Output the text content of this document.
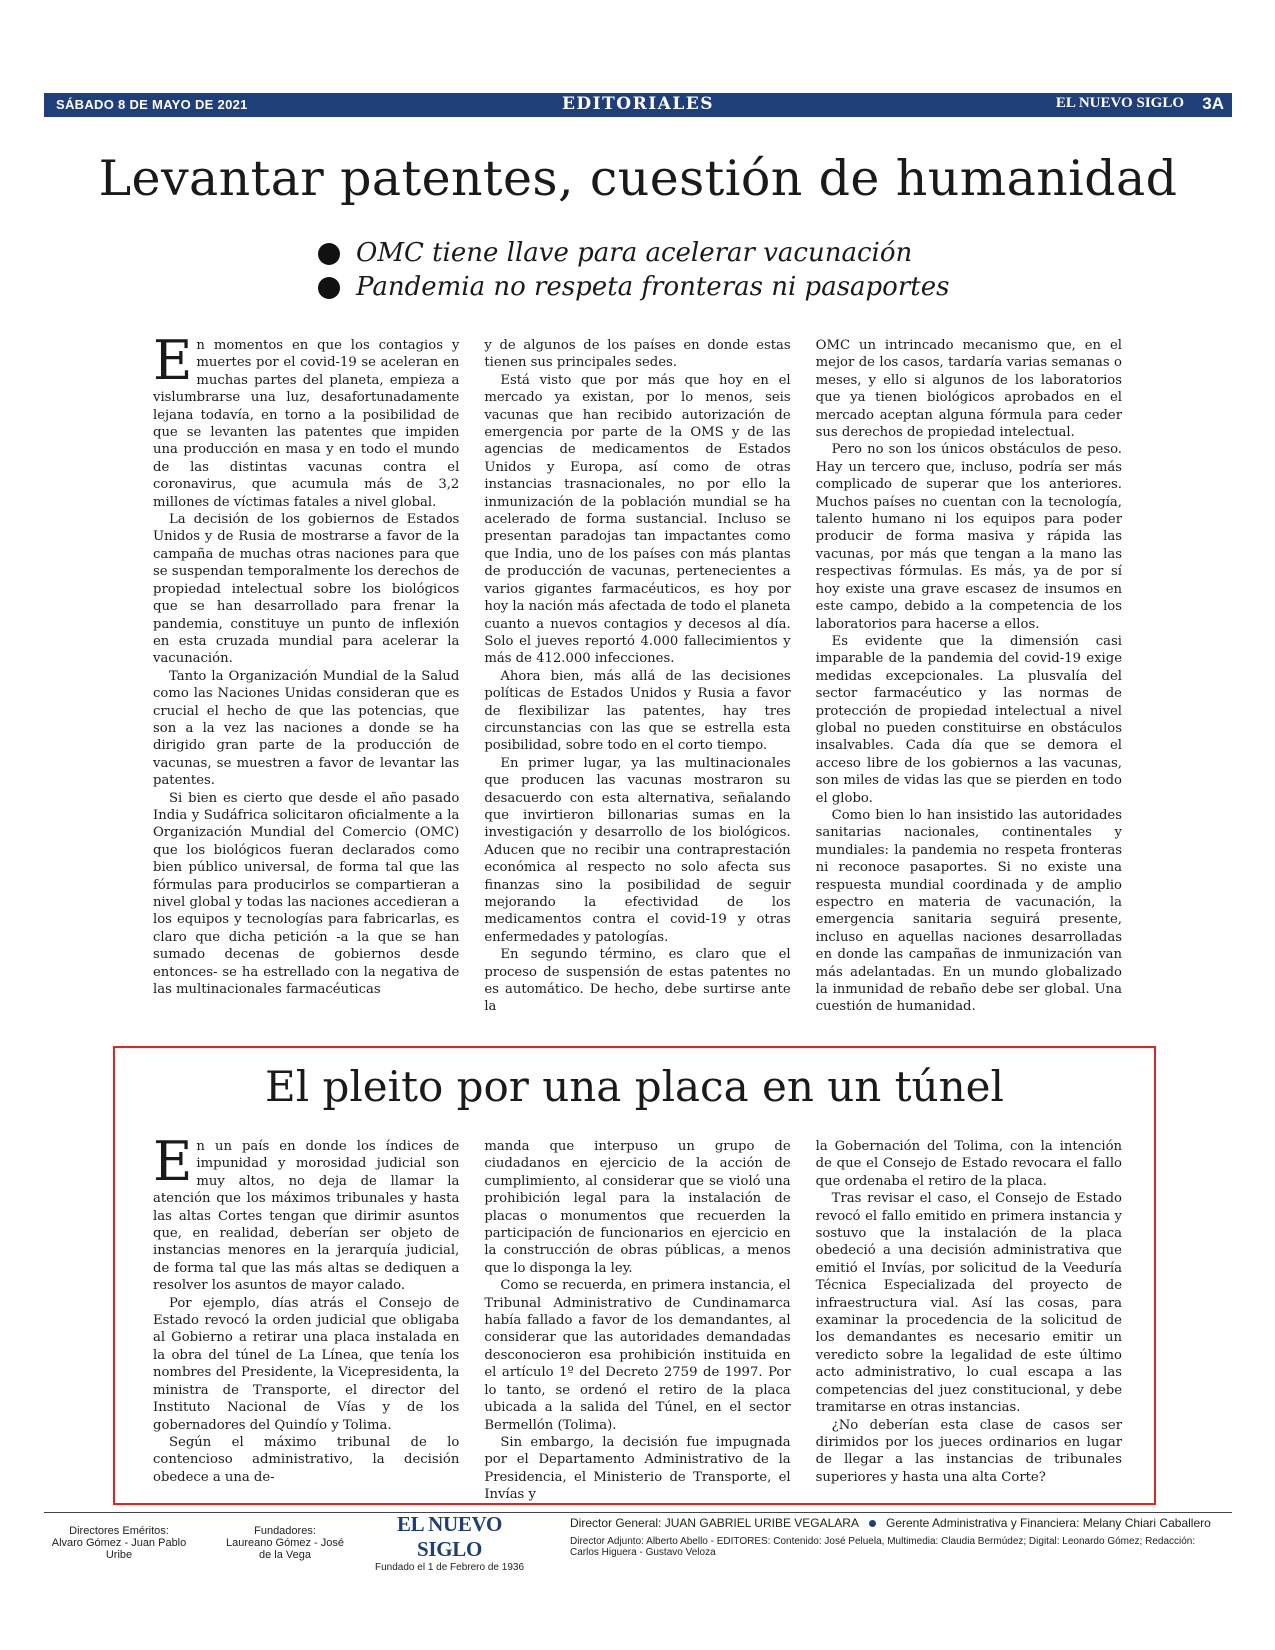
SÁBADO 8 DE MAYO DE 2021	EDITORIALES	EL NUEVO SIGLO 3A
Levantar patentes, cuestión de humanidad
OMC tiene llave para acelerar vacunación
Pandemia no respeta fronteras ni pasaportes

En momentos en que los contagios y muertes por el covid-19 se aceleran en muchas partes del planeta, empieza a vislumbrarse una luz, desafortunadamente lejana todavía, en torno a la posibilidad de que se levanten las patentes que impiden una producción en masa y en todo el mundo de las distintas vacunas contra el coronavirus, que acumula más de 3,2 millones de víctimas fatales a nivel global.

La decisión de los gobiernos de Estados Unidos y de Rusia de mostrarse a favor de la campaña de muchas otras naciones para que se suspendan temporalmente los derechos de propiedad intelectual sobre los biológicos que se han desarrollado para frenar la pandemia, constituye un punto de inflexión en esta cruzada mundial para acelerar la vacunación.

Tanto la Organización Mundial de la Salud como las Naciones Unidas consideran que es crucial el hecho de que las potencias, que son a la vez las naciones a donde se ha dirigido gran parte de la producción de vacunas, se muestren a favor de levantar las patentes.

Si bien es cierto que desde el año pasado India y Sudáfrica solicitaron oficialmente a la Organización Mundial del Comercio (OMC) que los biológicos fueran declarados como bien público universal, de forma tal que las fórmulas para producirlos se compartieran a nivel global y todas las naciones accedieran a los equipos y tecnologías para fabricarlas, es claro que dicha petición -a la que se han sumado decenas de gobiernos desde entonces- se ha estrellado con la negativa de las multinacionales farmacéuticas

y de algunos de los países en donde estas tienen sus principales sedes.

Está visto que por más que hoy en el mercado ya existan, por lo menos, seis vacunas que han recibido autorización de emergencia por parte de la OMS y de las agencias de medicamentos de Estados Unidos y Europa, así como de otras instancias trasnacionales, no por ello la inmunización de la población mundial se ha acelerado de forma sustancial. Incluso se presentan paradojas tan impactantes como que India, uno de los países con más plantas de producción de vacunas, pertenecientes a varios gigantes farmacéuticos, es hoy por hoy la nación más afectada de todo el planeta cuanto a nuevos contagios y decesos al día. Solo el jueves reportó 4.000 fallecimientos y más de 412.000 infecciones.

Ahora bien, más allá de las decisiones políticas de Estados Unidos y Rusia a favor de flexibilizar las patentes, hay tres circunstancias con las que se estrella esta posibilidad, sobre todo en el corto tiempo.

En primer lugar, ya las multinacionales que producen las vacunas mostraron su desacuerdo con esta alternativa, señalando que invirtieron billonarias sumas en la investigación y desarrollo de los biológicos. Aducen que no recibir una contraprestación económica al respecto no solo afecta sus finanzas sino la posibilidad de seguir mejorando la efectividad de los medicamentos contra el covid-19 y otras enfermedades y patologías.

En segundo término, es claro que el proceso de suspensión de estas patentes no es automático. De hecho, debe surtirse ante la

OMC un intrincado mecanismo que, en el mejor de los casos, tardaría varias semanas o meses, y ello si algunos de los laboratorios que ya tienen biológicos aprobados en el mercado aceptan alguna fórmula para ceder sus derechos de propiedad intelectual.

Pero no son los únicos obstáculos de peso. Hay un tercero que, incluso, podría ser más complicado de superar que los anteriores. Muchos países no cuentan con la tecnología, talento humano ni los equipos para poder producir de forma masiva y rápida las vacunas, por más que tengan a la mano las respectivas fórmulas. Es más, ya de por sí hoy existe una grave escasez de insumos en este campo, debido a la competencia de los laboratorios para hacerse a ellos.

Es evidente que la dimensión casi imparable de la pandemia del covid-19 exige medidas excepcionales. La plusvalía del sector farmacéutico y las normas de protección de propiedad intelectual a nivel global no pueden constituirse en obstáculos insalvables. Cada día que se demora el acceso libre de los gobiernos a las vacunas, son miles de vidas las que se pierden en todo el globo.

Como bien lo han insistido las autoridades sanitarias nacionales, continentales y mundiales: la pandemia no respeta fronteras ni reconoce pasaportes. Si no existe una respuesta mundial coordinada y de amplio espectro en materia de vacunación, la emergencia sanitaria seguirá presente, incluso en aquellas naciones desarrolladas en donde las campañas de inmunización van más adelantadas. En un mundo globalizado la inmunidad de rebaño debe ser global. Una cuestión de humanidad.

El pleito por una placa en un túnel

En un país en donde los índices de impunidad y morosidad judicial son muy altos, no deja de llamar la atención que los máximos tribunales y hasta las altas Cortes tengan que dirimir asuntos que, en realidad, deberían ser objeto de instancias menores en la jerarquía judicial, de forma tal que las más altas se dediquen a resolver los asuntos de mayor calado.

Por ejemplo, días atrás el Consejo de Estado revocó la orden judicial que obligaba al Gobierno a retirar una placa instalada en la obra del túnel de La Línea, que tenía los nombres del Presidente, la Vicepresidenta, la ministra de Transporte, el director del Instituto Nacional de Vías y de los gobernadores del Quindío y Tolima.

Según el máximo tribunal de lo contencioso administrativo, la decisión obedece a una de-

manda que interpuso un grupo de ciudadanos en ejercicio de la acción de cumplimiento, al considerar que se violó una prohibición legal para la instalación de placas o monumentos que recuerden la participación de funcionarios en ejercicio en la construcción de obras públicas, a menos que lo disponga la ley.

Como se recuerda, en primera instancia, el Tribunal Administrativo de Cundinamarca había fallado a favor de los demandantes, al considerar que las autoridades demandadas desconocieron esa prohibición instituida en el artículo 1º del Decreto 2759 de 1997. Por lo tanto, se ordenó el retiro de la placa ubicada a la salida del Túnel, en el sector Bermellón (Tolima).

Sin embargo, la decisión fue impugnada por el Departamento Administrativo de la Presidencia, el Ministerio de Transporte, el Invías y

la Gobernación del Tolima, con la intención de que el Consejo de Estado revocara el fallo que ordenaba el retiro de la placa.

Tras revisar el caso, el Consejo de Estado revocó el fallo emitido en primera instancia y sostuvo que la instalación de la placa obedeció a una decisión administrativa que emitió el Invías, por solicitud de la Veeduría Técnica Especializada del proyecto de infraestructura vial. Así las cosas, para examinar la procedencia de la solicitud de los demandantes es necesario emitir un veredicto sobre la legalidad de este último acto administrativo, lo cual escapa a las competencias del juez constitucional, y debe tramitarse en otras instancias.

¿No deberían esta clase de casos ser dirimidos por los jueces ordinarios en lugar de llegar a las instancias de tribunales superiores y hasta una alta Corte?

Directores Eméritos:
Alvaro Gómez - Juan Pablo Uribe
Fundadores:
Laureano Gómez - José de la Vega
EL NUEVO SIGLO
Fundado el 1 de Febrero de 1936
Director General: JUAN GABRIEL URIBE VEGALARA Gerente Administrativa y Financiera: Melany Chiari Caballero
Director Adjunto: Alberto Abello - EDITORES: Contenido: José Peluela, Multimedia: Claudia Bermúdez; Digital: Leonardo Gómez; Redacción: Carlos Higuera - Gustavo Veloza
